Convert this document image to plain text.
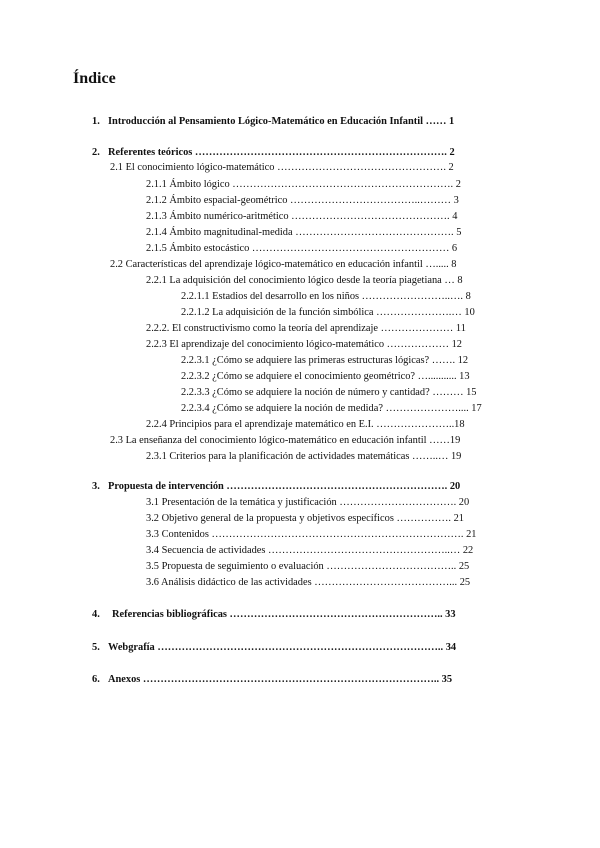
Índice
1. Introducción al Pensamiento Lógico-Matemático en Educación Infantil …… 1
2. Referentes teóricos ………………………………………………………………. 2
2.1 El conocimiento lógico-matemático …………………………………………. 2
2.1.1 Ámbito lógico ………………………………………………………. 2
2.1.2 Ámbito espacial-geométrico ………………………………..……… 3
2.1.3 Ámbito numérico-aritmético ………………………………………. 4
2.1.4 Ámbito magnitudinal-medida ………………………………………. 5
2.1.5 Ámbito estocástico ………………………………………………… 6
2.2 Características del aprendizaje lógico-matemático en educación infantil …..... 8
2.2.1 La adquisición del conocimiento lógico desde la teoría piagetiana … 8
2.2.1.1 Estadios del desarrollo en los niños ……………………..…. 8
2.2.1.2 La adquisición de la función simbólica ………………….… 10
2.2.2. El constructivismo como la teoría del aprendizaje ………………… 11
2.2.3 El aprendizaje del conocimiento lógico-matemático ……………… 12
2.2.3.1 ¿Cómo se adquiere las primeras estructuras lógicas? ……. 12
2.2.3.2 ¿Cómo se adquiere el conocimiento geométrico? …........... 13
2.2.3.3 ¿Cómo se adquiere la noción de número y cantidad? ……… 15
2.2.3.4 ¿Cómo se adquiere la noción de medida? ………………….... 17
2.2.4 Principios para el aprendizaje matemático en E.I. …………………..18
2.3 La enseñanza del conocimiento lógico-matemático en educación infantil ……19
2.3.1 Criterios para la planificación de actividades matemáticas ……..… 19
3. Propuesta de intervención ………………………………………………………. 20
3.1 Presentación de la temática y justificación ……………………………. 20
3.2 Objetivo general de la propuesta y objetivos específicos ……………. 21
3.3 Contenidos ………………………………………………………………. 21
3.4 Secuencia de actividades ……………………………………………..… 22
3.5 Propuesta de seguimiento o evaluación ……………………………….. 25
3.6 Análisis didáctico de las actividades …………………………………... 25
4. Referencias bibliográficas …………………………………………………….. 33
5. Webgrafía ……………………………………………………………………….. 34
6. Anexos ………………………………………………………………………….. 35
